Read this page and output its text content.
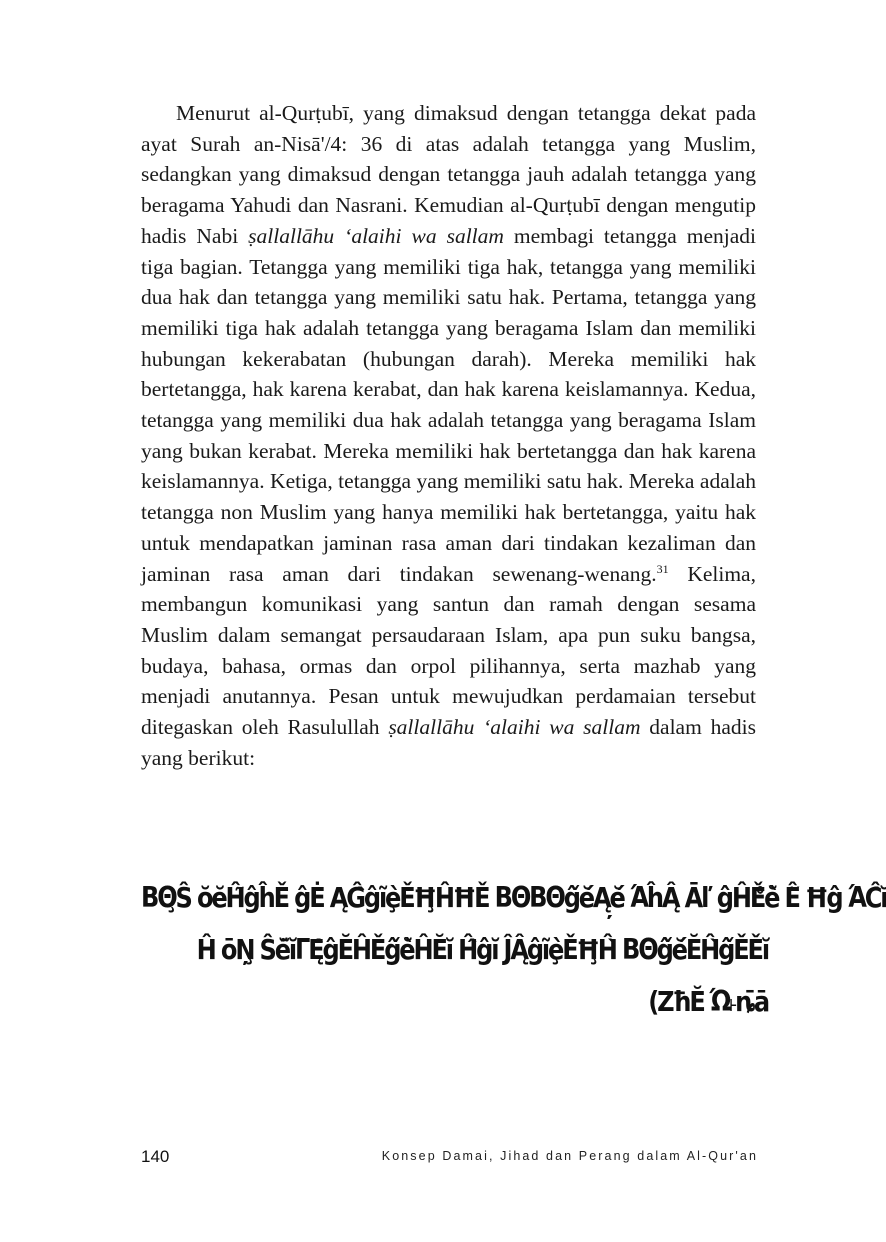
Menurut al-Qurṭubī, yang dimaksud dengan tetangga dekat pada ayat Surah an-Nisā'/4: 36 di atas adalah tetangga yang Muslim, sedangkan yang dimaksud dengan tetangga jauh adalah tetangga yang beragama Yahudi dan Nasrani. Kemudian al-Qurṭubī dengan mengutip hadis Nabi ṣallallāhu ‘alaihi wa sallam membagi tetangga menjadi tiga bagian. Tetangga yang memiliki tiga hak, tetangga yang memiliki dua hak dan tetangga yang memiliki satu hak. Pertama, tetangga yang memiliki tiga hak adalah tetangga yang beragama Islam dan memiliki hubungan kekerabatan (hubungan darah). Mereka memiliki hak bertetangga, hak karena kerabat, dan hak karena keislamannya. Kedua, tetangga yang memiliki dua hak adalah tetangga yang beragama Islam yang bukan kerabat. Mereka memiliki hak bertetangga dan hak karena keislamannya. Ketiga, tetangga yang memiliki satu hak. Mereka adalah tetangga non Muslim yang hanya memiliki hak bertetangga, yaitu hak untuk mendapatkan jaminan rasa aman dari tindakan kezaliman dan jaminan rasa aman dari tindakan sewenang-wenang.$^{31}$ Kelima, membangun komunikasi yang santun dan ramah dengan sesama Muslim dalam semangat persaudaraan Islam, apa pun suku bangsa, budaya, bahasa, ormas dan orpol pilihannya, serta mazhab yang menjadi anutannya. Pesan untuk mewujudkan perdamaian tersebut ditegaskan oleh Rasulullah ṣallallāhu ‘alaihi wa sallam dalam hadis yang berikut:

ΒΘ̧Ŝ ŏĕĤ̃ĝĥĚ ĝĖ ĄĜ̂ĝĩȩ̀ĚĦ̧ĤĦĚ ΒΘΒΘĝ̌ĕ́Ą̦ĕ́ ΆĥĄ̂ Āľ ĝ̀ĤĚ̊ĕ̀ Ê̌ Ħĝ̀ ΆĈ̂ĭ
Ĥ ōŅ̧ Ŝĕ̃ĭΓĘ̂ĝĔĤĚĝ̌ĕ̀ĤĔĭ Ĥ̂ĝĭ ĴĄ̂ĝĩȩ̀ĚĦ̧Ĥ̀ ΒΘĝ̌ĕ́ĔĤ̀ĝ̌ĚĚĭ
(ZħĔ Ώ˫ȵ̄ā
140	Konsep Damai, Jihad dan Perang dalam Al-Qur'an
